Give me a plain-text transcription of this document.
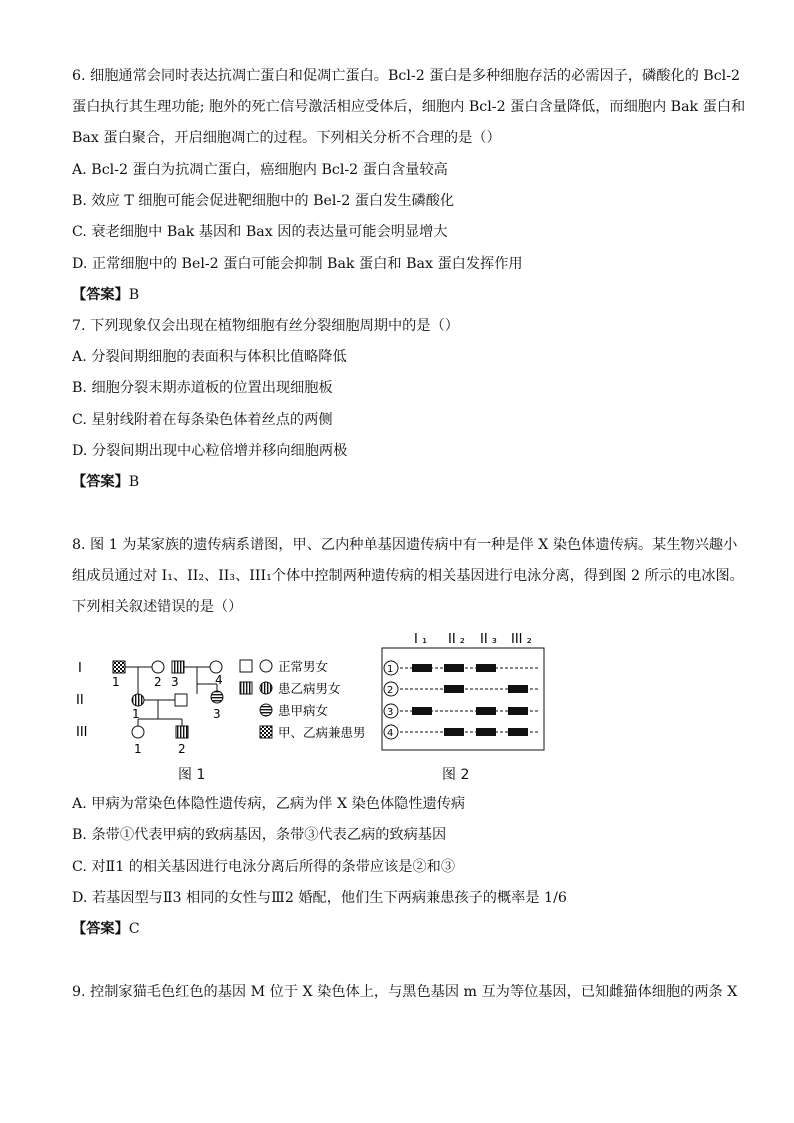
6. 细胞通常会同时表达抗凋亡蛋白和促凋亡蛋白。Bcl-2 蛋白是多种细胞存活的必需因子，磷酸化的 Bcl-2
蛋白执行其生理功能; 胞外的死亡信号激活相应受体后，细胞内 Bcl-2 蛋白含量降低，而细胞内 Bak 蛋白和
Bax 蛋白聚合，开启细胞凋亡的过程。下列相关分析不合理的是（）
A. Bcl-2 蛋白为抗凋亡蛋白，癌细胞内 Bcl-2 蛋白含量较高
B. 效应 T 细胞可能会促进靶细胞中的 Bel-2 蛋白发生磷酸化
C. 衰老细胞中 Bak 基因和 Bax 因的表达量可能会明显增大
D. 正常细胞中的 Bel-2 蛋白可能会抑制 Bak 蛋白和 Bax 蛋白发挥作用
【答案】B
7. 下列现象仅会出现在植物细胞有丝分裂细胞周期中的是（）
A. 分裂间期细胞的表面积与体积比值略降低
B. 细胞分裂末期赤道板的位置出现细胞板
C. 星射线附着在每条染色体着丝点的两侧
D. 分裂间期出现中心粒倍增并移向细胞两极
【答案】B
8. 图 1 为某家族的遗传病系谱图，甲、乙内种单基因遗传病中有一种是伴 X 染色体遗传病。某生物兴趣小
组成员通过对 I₁、II₂、II₃、III₁个体中控制两种遗传病的相关基因进行电泳分离，得到图 2 所示的电冰图。
下列相关叙述错误的是（）
I
II
III
1	2 3	4
1	3
1	2
正常男女
患乙病男女
患甲病女
甲、乙病兼患男
图 1
I ₁ II ₂ II ₃ III ₂
1
2
3
4
图 2
A. 甲病为常染色体隐性遗传病，乙病为伴 X 染色体隐性遗传病
B. 条带①代表甲病的致病基因，条带③代表乙病的致病基因
C. 对Ⅱ1 的相关基因进行电泳分离后所得的条带应该是②和③
D. 若基因型与Ⅱ3 相同的女性与Ⅲ2 婚配，他们生下两病兼患孩子的概率是 1/6
【答案】C
9. 控制家猫毛色红色的基因 M 位于 X 染色体上，与黑色基因 m 互为等位基因，已知雌猫体细胞的两条 X
